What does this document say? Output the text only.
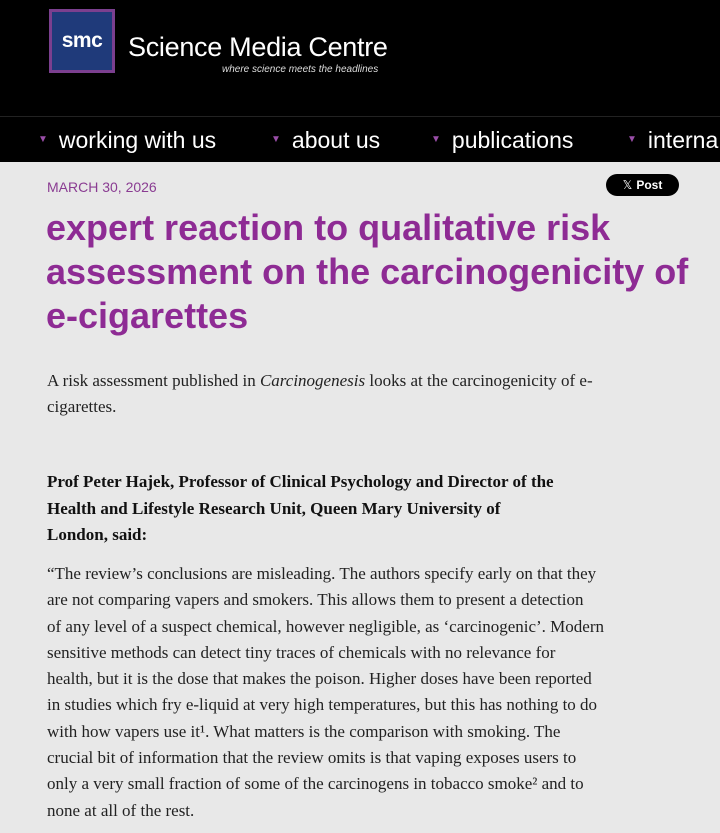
smc Science Media Centre
where science meets the headlines
▼ working with us	▼ about us	▼ publications	▼ interna
MARCH 30, 2026	𝕏 Post
expert reaction to qualitative risk
assessment on the carcinogenicity of
e-cigarettes

A risk assessment published in Carcinogenesis looks at the carcinogenicity of e-
cigarettes.

Prof Peter Hajek, Professor of Clinical Psychology and Director of the
Health and Lifestyle Research Unit, Queen Mary University of
London, said:

“The review’s conclusions are misleading. The authors specify early on that they
are not comparing vapers and smokers. This allows them to present a detection
of any level of a suspect chemical, however negligible, as ‘carcinogenic’. Modern
sensitive methods can detect tiny traces of chemicals with no relevance for
health, but it is the dose that makes the poison. Higher doses have been reported
in studies which fry e-liquid at very high temperatures, but this has nothing to do
with how vapers use it¹. What matters is the comparison with smoking. The
crucial bit of information that the review omits is that vaping exposes users to
only a very small fraction of some of the carcinogens in tobacco smoke² and to
none at all of the rest.
